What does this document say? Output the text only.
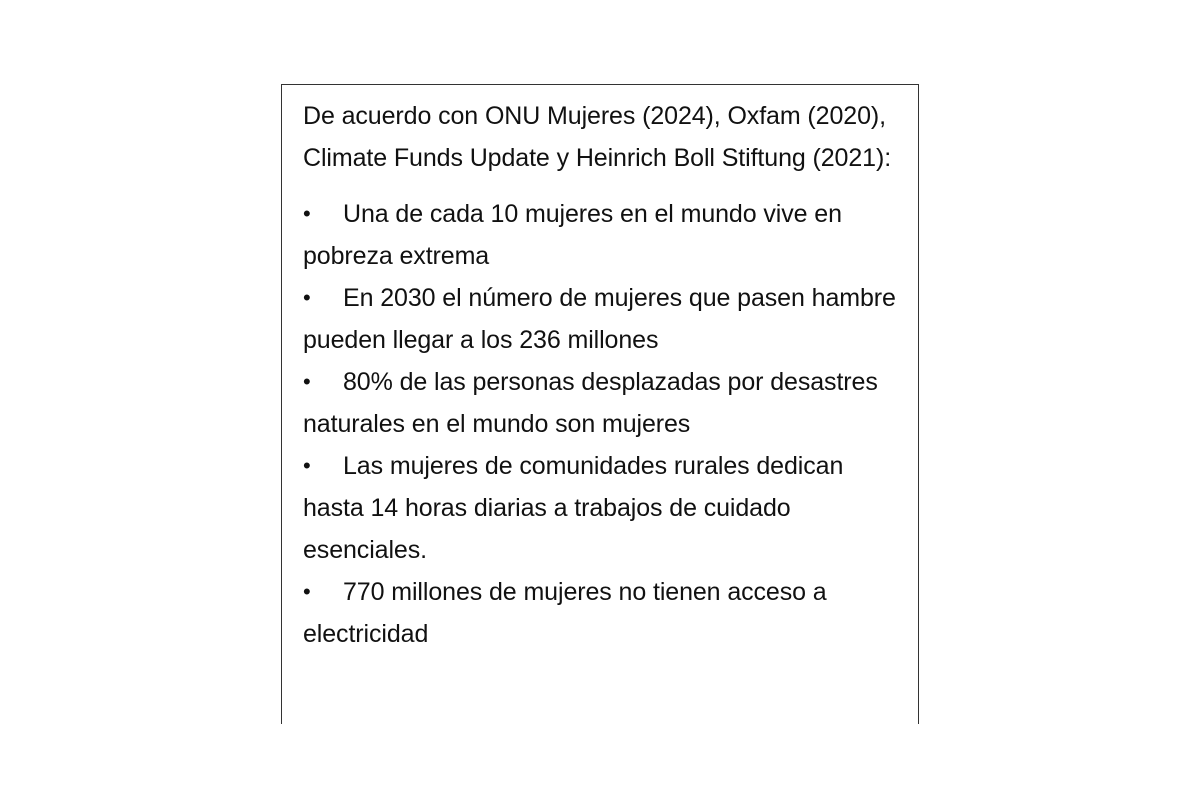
De acuerdo con ONU Mujeres (2024), Oxfam (2020), Climate Funds Update y Heinrich Boll Stiftung (2021):

• Una de cada 10 mujeres en el mundo vive en pobreza extrema
• En 2030 el número de mujeres que pasen hambre pueden llegar a los 236 millones
• 80% de las personas desplazadas por desastres naturales en el mundo son mujeres
• Las mujeres de comunidades rurales dedican hasta 14 horas diarias a trabajos de cuidado esenciales.
• 770 millones de mujeres no tienen acceso a electricidad
